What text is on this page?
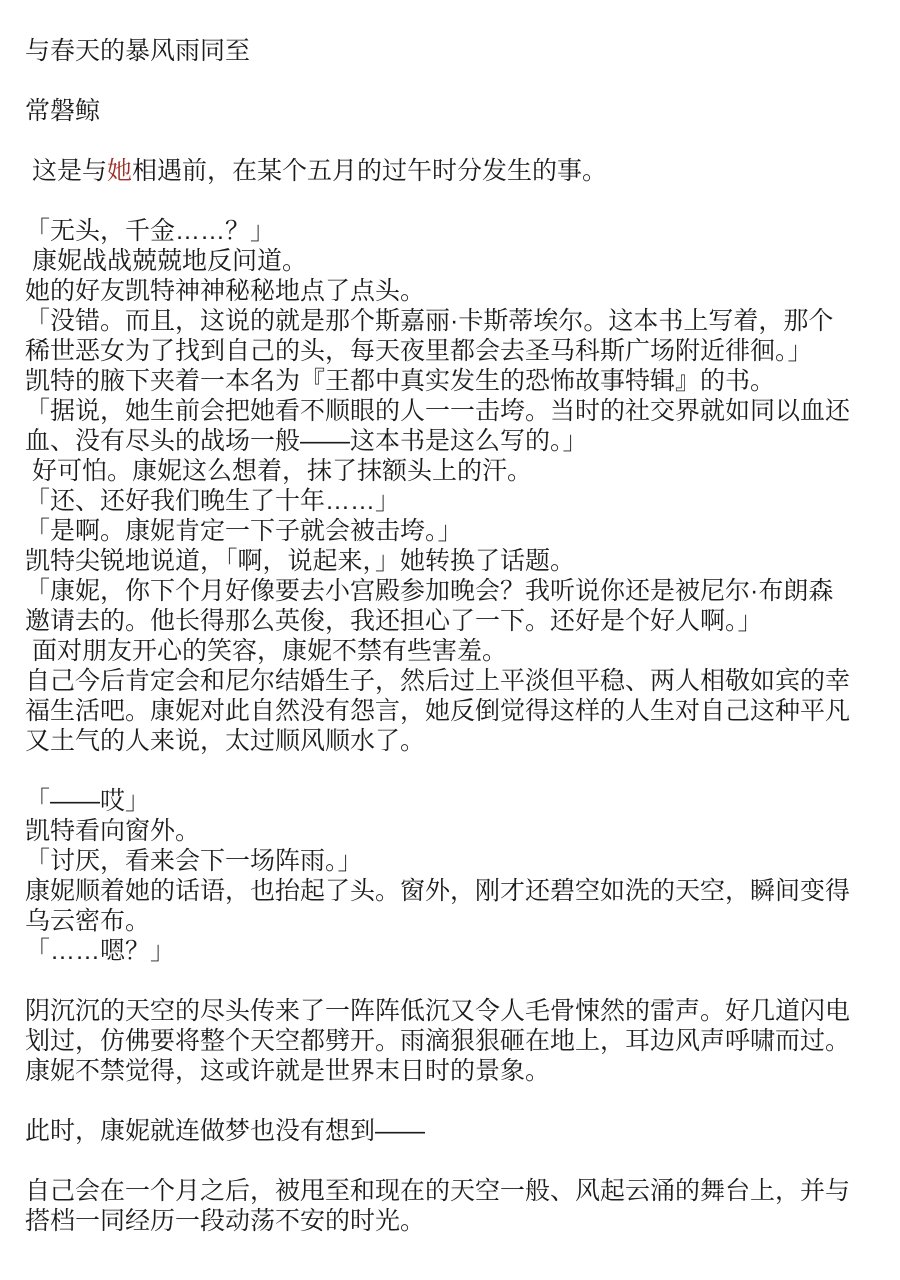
与春天的暴风雨同至
常磐鲸
这是与她相遇前，在某个五月的过午时分发生的事。
「无头，千金……？」
康妮战战兢兢地反问道。
她的好友凯特神神秘秘地点了点头。
「没错。而且，这说的就是那个斯嘉丽·卡斯蒂埃尔。这本书上写着，那个
稀世恶女为了找到自己的头，每天夜里都会去圣马科斯广场附近徘徊。」
凯特的腋下夹着一本名为『王都中真实发生的恐怖故事特辑』的书。
「据说，她生前会把她看不顺眼的人一一击垮。当时的社交界就如同以血还
血、没有尽头的战场一般——这本书是这么写的。」
好可怕。康妮这么想着，抹了抹额头上的汗。
「还、还好我们晚生了十年……」
「是啊。康妮肯定一下子就会被击垮。」
凯特尖锐地说道，「啊，说起来，」她转换了话题。
「康妮，你下个月好像要去小宫殿参加晚会？我听说你还是被尼尔·布朗森
邀请去的。他长得那么英俊，我还担心了一下。还好是个好人啊。」
面对朋友开心的笑容，康妮不禁有些害羞。
自己今后肯定会和尼尔结婚生子，然后过上平淡但平稳、两人相敬如宾的幸
福生活吧。康妮对此自然没有怨言，她反倒觉得这样的人生对自己这种平凡
又土气的人来说，太过顺风顺水了。
「——哎」
凯特看向窗外。
「讨厌，看来会下一场阵雨。」
康妮顺着她的话语，也抬起了头。窗外，刚才还碧空如洗的天空，瞬间变得
乌云密布。
「……嗯？」
阴沉沉的天空的尽头传来了一阵阵低沉又令人毛骨悚然的雷声。好几道闪电
划过，仿佛要将整个天空都劈开。雨滴狠狠砸在地上，耳边风声呼啸而过。
康妮不禁觉得，这或许就是世界末日时的景象。
此时，康妮就连做梦也没有想到——
自己会在一个月之后，被甩至和现在的天空一般、风起云涌的舞台上，并与
搭档一同经历一段动荡不安的时光。
